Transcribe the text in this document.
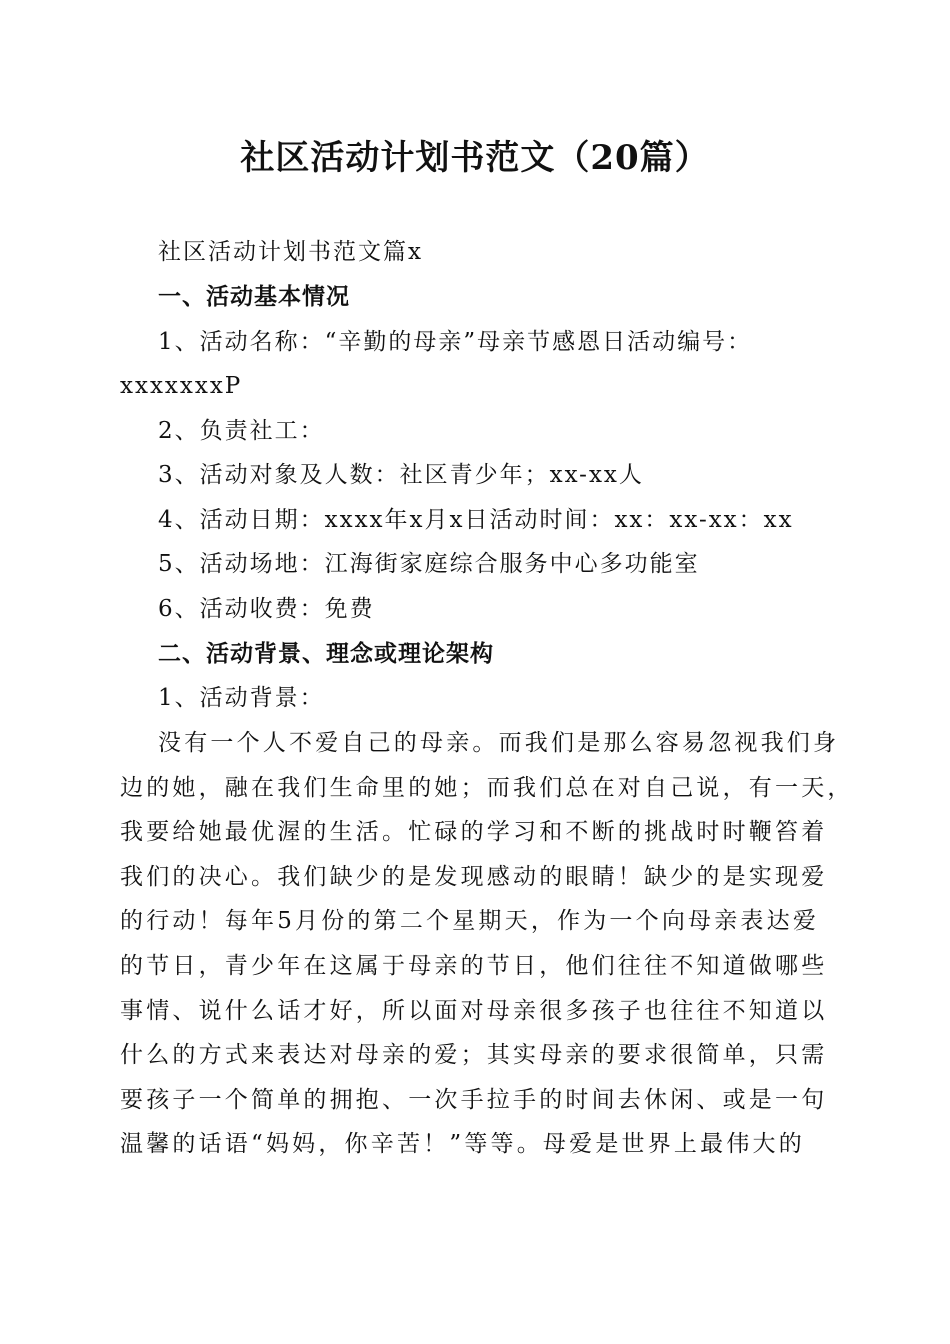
社区活动计划书范文（20篇）
社区活动计划书范文篇x
一、活动基本情况
1、活动名称：“辛勤的母亲”母亲节感恩日活动编号：
xxxxxxxP
2、负责社工：
3、活动对象及人数：社区青少年；xx-xx人
4、活动日期：xxxx年x月x日活动时间：xx：xx-xx：xx
5、活动场地：江海街家庭综合服务中心多功能室
6、活动收费：免费
二、活动背景、理念或理论架构
1、活动背景：
没有一个人不爱自己的母亲。而我们是那么容易忽视我们身
边的她，融在我们生命里的她；而我们总在对自己说，有一天，
我要给她最优渥的生活。忙碌的学习和不断的挑战时时鞭笞着
我们的决心。我们缺少的是发现感动的眼睛！缺少的是实现爱
的行动！每年5月份的第二个星期天，作为一个向母亲表达爱
的节日，青少年在这属于母亲的节日，他们往往不知道做哪些
事情、说什么话才好，所以面对母亲很多孩子也往往不知道以
什么的方式来表达对母亲的爱；其实母亲的要求很简单，只需
要孩子一个简单的拥抱、一次手拉手的时间去休闲、或是一句
温馨的话语“妈妈，你辛苦！”等等。母爱是世界上最伟大的
